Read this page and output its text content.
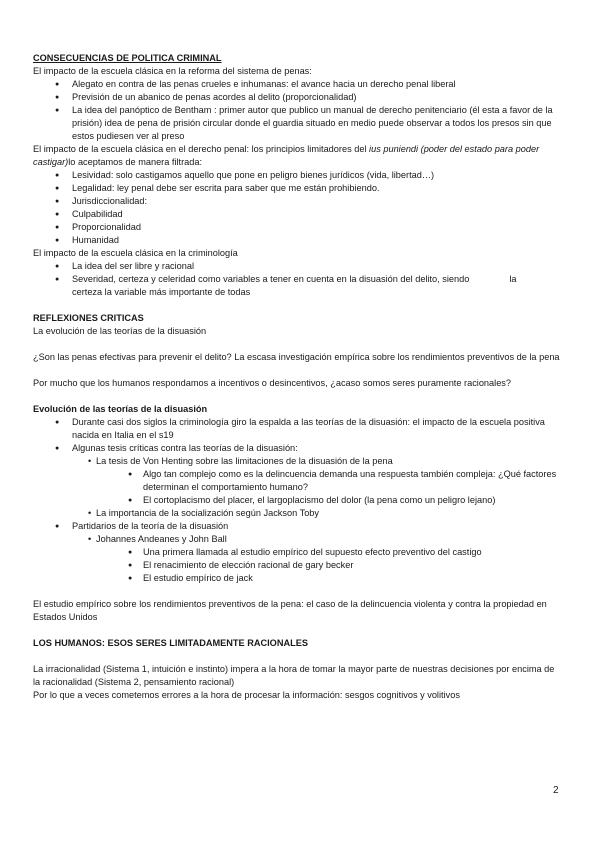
CONSECUENCIAS DE POLITICA CRIMINAL

El impacto de la escuela clásica en la reforma del sistema de penas:

● Alegato en contra de las penas crueles e inhumanas: el avance hacia un derecho penal liberal
● Previsión de un abanico de penas acordes al delito (proporcionalidad)
● La idea del panóptico de Bentham : primer autor que publico un manual de derecho penitenciario (él esta a favor de la prisión) idea de pena de prisión circular donde el guardia situado en medio puede observar a todos los presos sin que estos pudiesen ver al preso

El impacto de la escuela clásica en el derecho penal: los principios limitadores del ius puniendi (poder del estado para poder castigar)lo aceptamos de manera filtrada:

● Lesividad: solo castigamos aquello que pone en peligro bienes jurídicos (vida, libertad…)
● Legalidad: ley penal debe ser escrita para saber que me están prohibiendo.
● Jurisdiccionalidad:
● Culpabilidad
● Proporcionalidad
● Humanidad

El impacto de la escuela clásica en la criminología

● La idea del ser libre y racional
● Severidad, certeza y celeridad como variables a tener en cuenta en la disuasión del delito, siendo	la
certeza la variable más importante de todas

REFLEXIONES CRITICAS

La evolución de las teorías de la disuasión

¿Son las penas efectivas para prevenir el delito? La escasa investigación empírica sobre los rendimientos preventivos de la pena

Por mucho que los humanos respondamos a incentivos o desincentivos, ¿acaso somos seres puramente racionales?

Evolución de las teorías de la disuasión

● Durante casi dos siglos la criminología giro la espalda a las teorías de la disuasión: el impacto de la escuela positiva nacida en Italia en el s19
● Algunas tesis críticas contra las teorías de la disuasión:
• La tesis de Von Henting sobre las limitaciones de la disuasión de la pena
● Algo tan complejo como es la delincuencia demanda una respuesta también compleja: ¿Qué factores determinan el comportamiento humano?
● El cortoplacismo del placer, el largoplacismo del dolor (la pena como un peligro lejano)
• La importancia de la socialización según Jackson Toby
● Partidarios de la teoría de la disuasión
• Johannes Andeanes y John Ball
● Una primera llamada al estudio empírico del supuesto efecto preventivo del castigo
● El renacimiento de elección racional de gary becker
● El estudio empírico de jack

El estudio empírico sobre los rendimientos preventivos de la pena: el caso de la delincuencia violenta y contra la propiedad en Estados Unidos

LOS HUMANOS: ESOS SERES LIMITADAMENTE RACIONALES

La irracionalidad (Sistema 1, intuición e instinto) impera a la hora de tomar la mayor parte de nuestras decisiones por encima de la racionalidad (Sistema 2, pensamiento racional)

Por lo que a veces cometemos errores a la hora de procesar la información: sesgos cognitivos y volitivos

2
